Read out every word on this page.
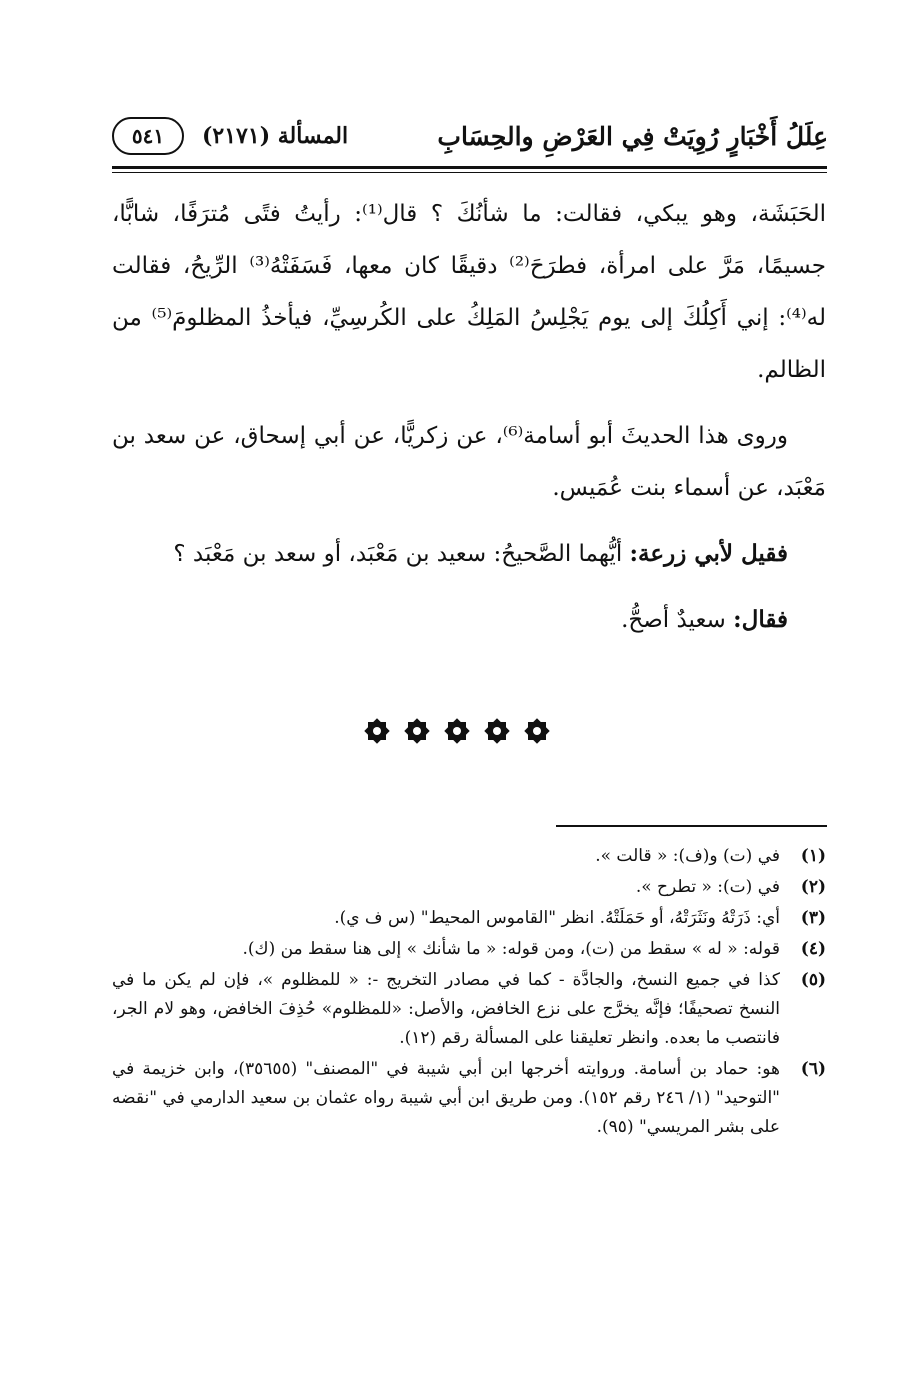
عِلَلُ أَخْبَارٍ رُوِيَتْ فِي العَرْضِ والحِسَابِ
المسألة (٢١٧١)
٥٤١

الحَبَشَة، وهو يبكي، فقالت: ما شأنُكَ ؟ قال⁽¹⁾: رأيتُ فتًى مُترَفًا، شابًّا، جسيمًا، مَرَّ على امرأة، فطرَحَ⁽²⁾ دقيقًا كان معها، فَسَفَتْهُ⁽³⁾ الرِّيحُ، فقالت له⁽⁴⁾: إني أَكِلُكَ إلى يوم يَجْلِسُ المَلِكُ على الكُرسِيِّ، فيأخذُ المظلومَ⁽⁵⁾ من الظالم.

وروى هذا الحديثَ أبو أسامة⁽⁶⁾، عن زكريًّا، عن أبي إسحاق، عن سعد بن مَعْبَد، عن أسماء بنت عُمَيس.

فقيل لأبي زرعة: أيُّهما الصَّحيحُ: سعيد بن مَعْبَد، أو سعد بن مَعْبَد ؟

فقال: سعيدٌ أصحُّ.

(١)
في (ت) و(ف): « قالت ».
(٢)
في (ت): « تطرح ».
(٣)
أي: ذَرَتْهُ ونَثَرَتْهُ، أو حَمَلَتْهُ. انظر "القاموس المحيط" (س ف ي).
(٤)
قوله: « له » سقط من (ت)، ومن قوله: « ما شأنك » إلى هنا سقط من (ك).
(٥)
كذا في جميع النسخ، والجادَّة - كما في مصادر التخريج -: « للمظلوم »، فإن لم يكن ما في النسخ تصحيفًا؛ فإنَّه يخرَّج على نزع الخافض، والأصل: «للمظلوم» حُذِفَ الخافض، وهو لام الجر، فانتصب ما بعده. وانظر تعليقنا على المسألة رقم (١٢).
(٦)
هو: حماد بن أسامة. وروايته أخرجها ابن أبي شيبة في "المصنف" (٣٥٦٥٥)، وابن خزيمة في "التوحيد" (١/ ٢٤٦ رقم ١٥٢). ومن طريق ابن أبي شيبة رواه عثمان بن سعيد الدارمي في "نقضه على بشر المريسي" (٩٥).
